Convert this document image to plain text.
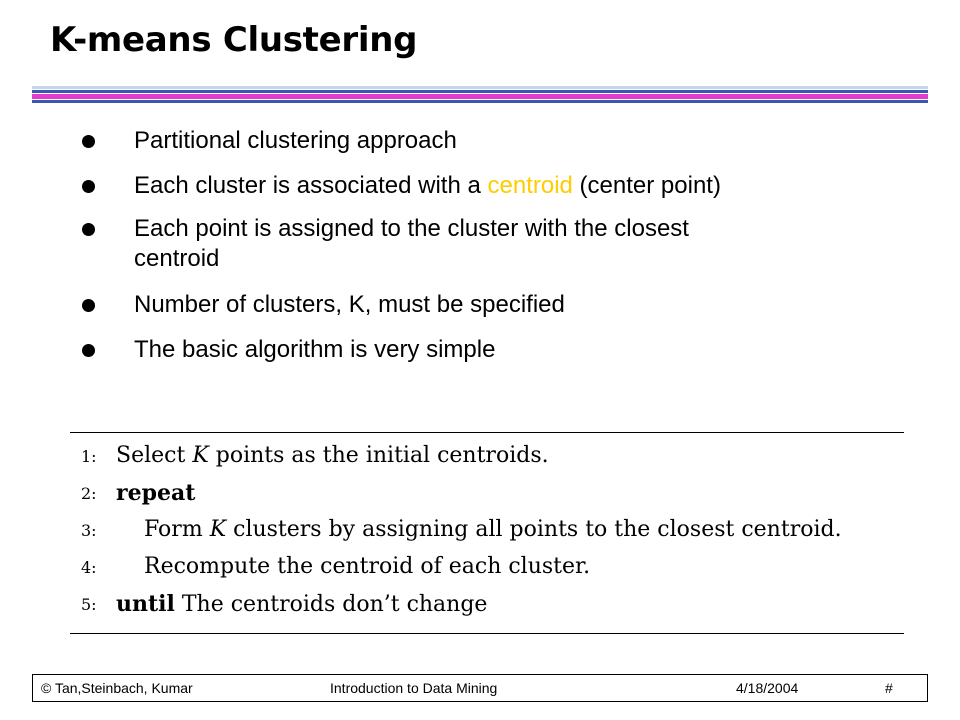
K-means Clustering
Partitional clustering approach
Each cluster is associated with a centroid (center point)
Each point is assigned to the cluster with the closest
centroid
Number of clusters, K, must be specified
The basic algorithm is very simple
1: Select K points as the initial centroids.
2: repeat
3: Form K clusters by assigning all points to the closest centroid.
4: Recompute the centroid of each cluster.
5: until The centroids don’t change
© Tan,Steinbach, Kumar	Introduction to Data Mining	4/18/2004	#
